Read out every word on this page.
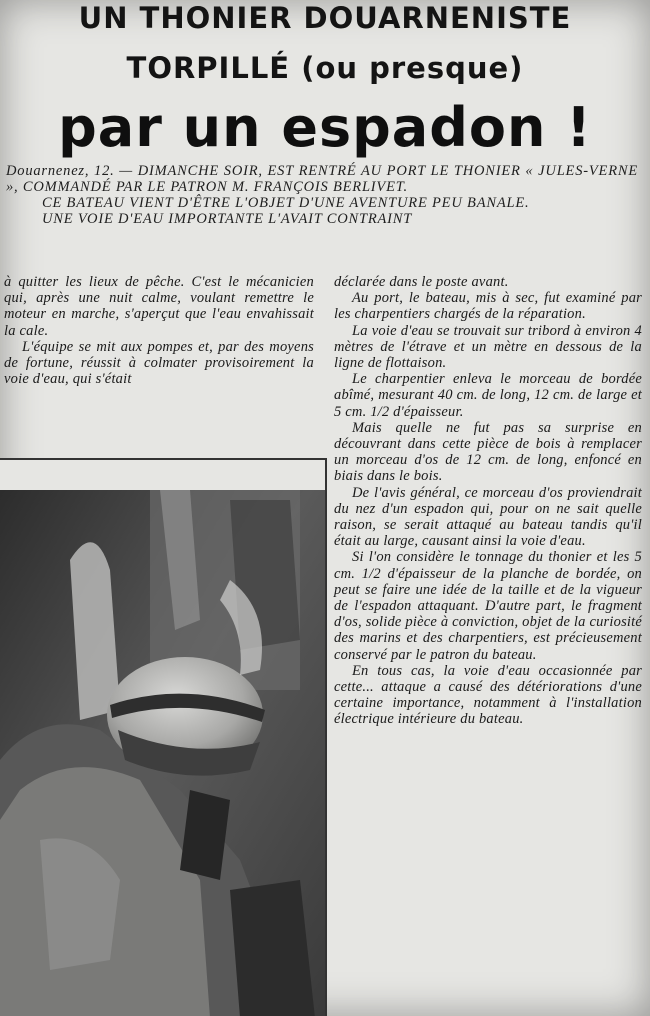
UN THONIER DOUARNENISTE
TORPILLÉ (ou presque)
par un espadon !

Douarnenez, 12. — DIMANCHE SOIR, EST RENTRÉ AU PORT LE THONIER « JULES-VERNE », COMMANDÉ PAR LE PATRON M. FRANÇOIS BERLIVET.

CE BATEAU VIENT D'ÊTRE L'OBJET D'UNE AVENTURE PEU BANALE.

UNE VOIE D'EAU IMPORTANTE L'AVAIT CONTRAINT

à quitter les lieux de pêche. C'est le mécanicien qui, après une nuit calme, voulant remettre le moteur en marche, s'aperçut que l'eau envahissait la cale.

L'équipe se mit aux pompes et, par des moyens de fortune, réussit à colmater provisoirement la voie d'eau, qui s'était

déclarée dans le poste avant.

Au port, le bateau, mis à sec, fut examiné par les charpentiers chargés de la réparation.

La voie d'eau se trouvait sur tribord à environ 4 mètres de l'étrave et un mètre en dessous de la ligne de flottaison.

Le charpentier enleva le morceau de bordée abîmé, mesurant 40 cm. de long, 12 cm. de large et 5 cm. 1/2 d'épaisseur.

Mais quelle ne fut pas sa surprise en découvrant dans cette pièce de bois à remplacer un morceau d'os de 12 cm. de long, enfoncé en biais dans le bois.

De l'avis général, ce morceau d'os proviendrait du nez d'un espadon qui, pour on ne sait quelle raison, se serait attaqué au bateau tandis qu'il était au large, causant ainsi la voie d'eau.

Si l'on considère le tonnage du thonier et les 5 cm. 1/2 d'épaisseur de la planche de bordée, on peut se faire une idée de la taille et de la vigueur de l'espadon attaquant. D'autre part, le fragment d'os, solide pièce à conviction, objet de la curiosité des marins et des charpentiers, est précieusement conservé par le patron du bateau.

En tous cas, la voie d'eau occasionnée par cette... attaque a causé des détériorations d'une certaine importance, notamment à l'installation électrique intérieure du bateau.
